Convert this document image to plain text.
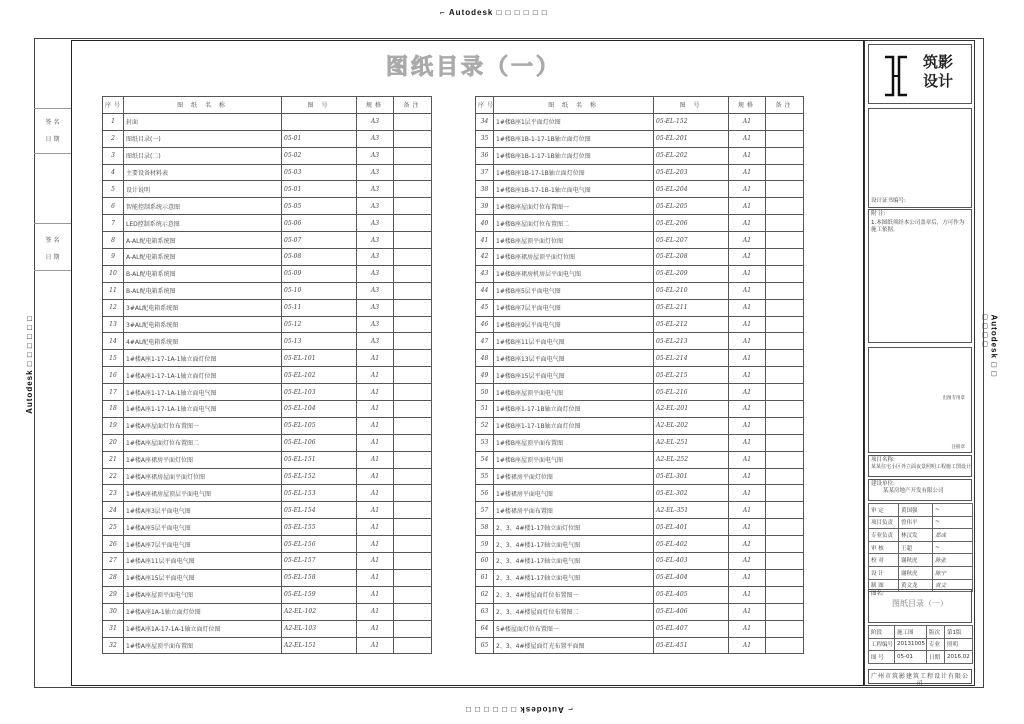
⌐ Autodesk □ □ □ □ □ □
⌐ Autodesk □ □ □ □ □ □
Autodesk □ □ □ □ □ □	Autodesk □ □ □ □ □ □
签 名
日 期
签 名
日 期
图纸目录（一）
序号	图 纸 名 称	图 号	规格	备注
1	封面		A3	
2	图纸目录(一)	05-01	A3	
3	图纸目录(二)	05-02	A3	
4	主要设备材料表	05-03	A3	
5	设计说明	05-01	A3	
6	智能控制系统示意图	05-05	A3	
7	LED控制系统示意图	05-06	A3	
8	A-AL配电箱系统图	05-07	A3	
9	A-AL配电箱系统图	05-08	A3	
10	B-AL配电箱系统图	05-09	A3	
11	B-AL配电箱系统图	05-10	A3	
12	3#AL配电箱系统图	05-11	A3	
13	3#AL配电箱系统图	05-12	A3	
14	4#AL配电箱系统图	05-13	A3	
15	1#楼A座1-17-1A-1轴立面灯位图	05-EL-101	A1	
16	1#楼A座1-17-1A-1轴立面灯位图	05-EL-102	A1	
17	1#楼A座1-17-1A-1轴立面电气图	05-EL-103	A1	
18	1#楼A座1-17-1A-1轴立面电气图	05-EL-104	A1	
19	1#楼A座屋面灯位布置图一	05-EL-105	A1	
20	1#楼A座屋面灯位布置图二	05-EL-106	A1	
21	1#楼A座裙房平面灯位图	05-EL-151	A1	
22	1#楼A座裙房屋面平面灯位图	05-EL-152	A1	
23	1#楼A座裙房屋顶层平面电气图	05-EL-153	A1	
24	1#楼A座3层平面电气图	05-EL-154	A1	
25	1#楼A座5层平面电气图	05-EL-155	A1	
26	1#楼A座7层平面电气图	05-EL-156	A1	
27	1#楼A座11层平面电气图	05-EL-157	A1	
28	1#楼A座15层平面电气图	05-EL-158	A1	
29	1#楼A座屋顶平面电气图	05-EL-159	A1	
30	1#楼A座1A-1轴立面灯位图	A2-EL-102	A1	
31	1#楼A座1A-17-1A-1轴立面灯位图	A2-EL-103	A1	
32	1#楼A座屋顶平面布置图	A2-EL-151	A1	
序号	图 纸 名 称	图 号	规格	备注
34	1#楼B座1层平面灯位图	05-EL-152	A1	
35	1#楼B座1B-1-17-1B轴立面灯位图	05-EL-201	A1	
36	1#楼B座1B-1-17-1B轴立面灯位图	05-EL-202	A1	
37	1#楼B座1B-17-1B轴立面灯位图	05-EL-203	A1	
38	1#楼B座1B-17-1B-1轴立面电气图	05-EL-204	A1	
39	1#楼B座屋面灯位布置图一	05-EL-205	A1	
40	1#楼B座屋面灯位布置图二	05-EL-206	A1	
41	1#楼B座屋顶平面灯位图	05-EL-207	A1	
42	1#楼B座裙房屋顶平面灯位图	05-EL-208	A1	
43	1#楼B座裙房机房层平面电气图	05-EL-209	A1	
44	1#楼B座5层平面电气图	05-EL-210	A1	
45	1#楼B座7层平面电气图	05-EL-211	A1	
46	1#楼B座9层平面电气图	05-EL-212	A1	
47	1#楼B座11层平面电气图	05-EL-213	A1	
48	1#楼B座13层平面电气图	05-EL-214	A1	
49	1#楼B座15层平面电气图	05-EL-215	A1	
50	1#楼B座屋顶平面电气图	05-EL-216	A1	
51	1#楼B座1-17-1B轴立面灯位图	A2-EL-201	A1	
52	1#楼B座1-17-1B轴立面灯位图	A2-EL-202	A1	
53	1#楼B座屋顶平面布置图	A2-EL-251	A1	
54	1#楼B座屋顶平面电气图	A2-EL-252	A1	
55	1#楼裙房平面灯位图	05-EL-301	A1	
56	1#楼裙房平面电气图	05-EL-302	A1	
57	1#楼裙房平面布置图	A2-EL-351	A1	
58	2、3、4#楼1-17轴立面灯位图	05-EL-401	A1	
59	2、3、4#楼1-17轴立面电气图	05-EL-402	A1	
60	2、3、4#楼1-17轴立面电气图	05-EL-403	A1	
61	2、3、4#楼1-17轴立面电气图	05-EL-404	A1	
62	2、3、4#楼屋面灯位布置图一	05-EL-405	A1	
63	2、3、4#楼屋面灯位布置图二	05-EL-406	A1	
64	5#楼屋面灯位布置图一	05-EL-407	A1	
65	2、3、4#楼屋面灯光布置平面图	05-EL-451	A1	
筑影
设计
设计证书编号:
附 注:
1.本图纸须经本公司盖章后，方可作为施工依据。
出图专用章
注册章
项目名称:
某某住宅小区外立面夜景照明工程施工图设计
建设单位:
某某房地产开发有限公司
审 定	黄国强	~
项目负责	曾伟平	~
专业负责	林汉发	郑成
审 核	王超	~
校 对	谢秋虎	陈张
设 计	谢秋虎	陈宁
制 图	黄文龙	袁文
图名:
图纸目录（一）
阶段	施工图	版次	第1版
工程编号	20131005	专业	照明
图 号	05-01	日期	2016.02
广州市筑影建筑工程设计有限公司
